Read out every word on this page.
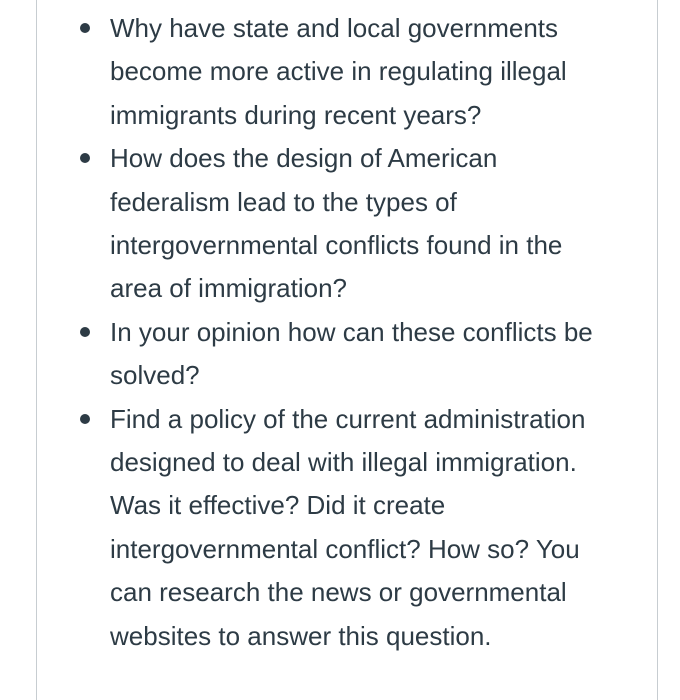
Why have state and local governments become more active in regulating illegal immigrants during recent years?
How does the design of American federalism lead to the types of intergovernmental conflicts found in the area of immigration?
In your opinion how can these conflicts be solved?
Find a policy of the current administration designed to deal with illegal immigration. Was it effective? Did it create intergovernmental conflict? How so? You can research the news or governmental websites to answer this question.
